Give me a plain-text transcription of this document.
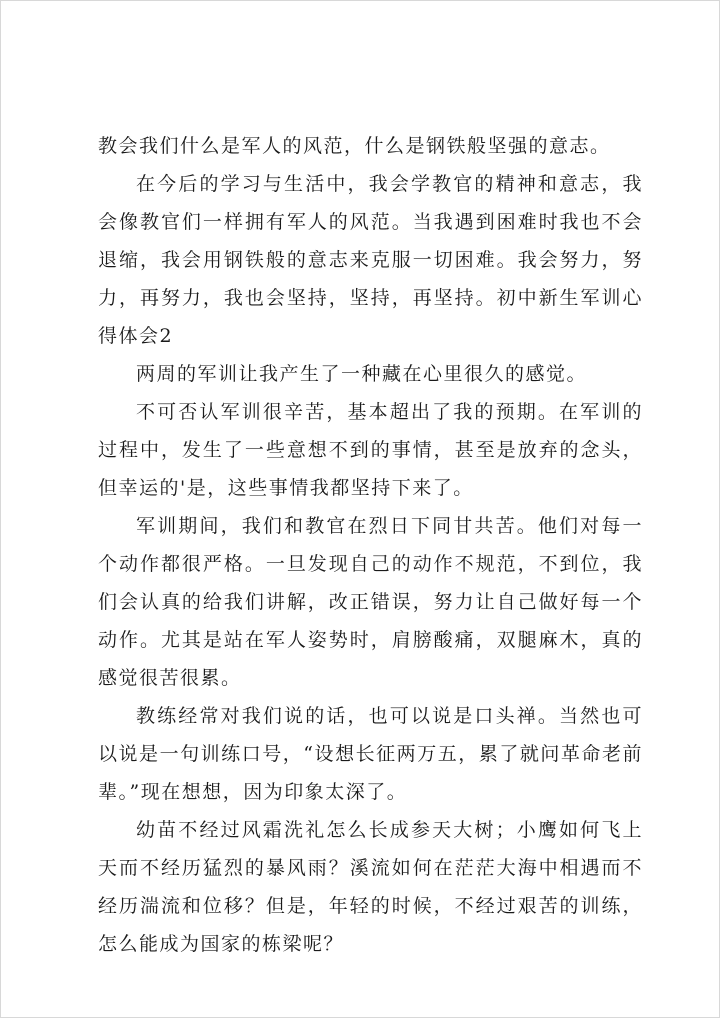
教会我们什么是军人的风范，什么是钢铁般坚强的意志。

在今后的学习与生活中，我会学教官的精神和意志，我会像教官们一样拥有军人的风范。当我遇到困难时我也不会退缩，我会用钢铁般的意志来克服一切困难。我会努力，努力，再努力，我也会坚持，坚持，再坚持。初中新生军训心得体会2

两周的军训让我产生了一种藏在心里很久的感觉。

不可否认军训很辛苦，基本超出了我的预期。在军训的过程中，发生了一些意想不到的事情，甚至是放弃的念头，但幸运的'是，这些事情我都坚持下来了。

军训期间，我们和教官在烈日下同甘共苦。他们对每一个动作都很严格。一旦发现自己的动作不规范，不到位，我们会认真的给我们讲解，改正错误，努力让自己做好每一个动作。尤其是站在军人姿势时，肩膀酸痛，双腿麻木，真的感觉很苦很累。

教练经常对我们说的话，也可以说是口头禅。当然也可以说是一句训练口号，“设想长征两万五，累了就问革命老前辈。”现在想想，因为印象太深了。

幼苗不经过风霜洗礼怎么长成参天大树；小鹰如何飞上天而不经历猛烈的暴风雨？溪流如何在茫茫大海中相遇而不经历湍流和位移？但是，年轻的时候，不经过艰苦的训练，怎么能成为国家的栋梁呢？
